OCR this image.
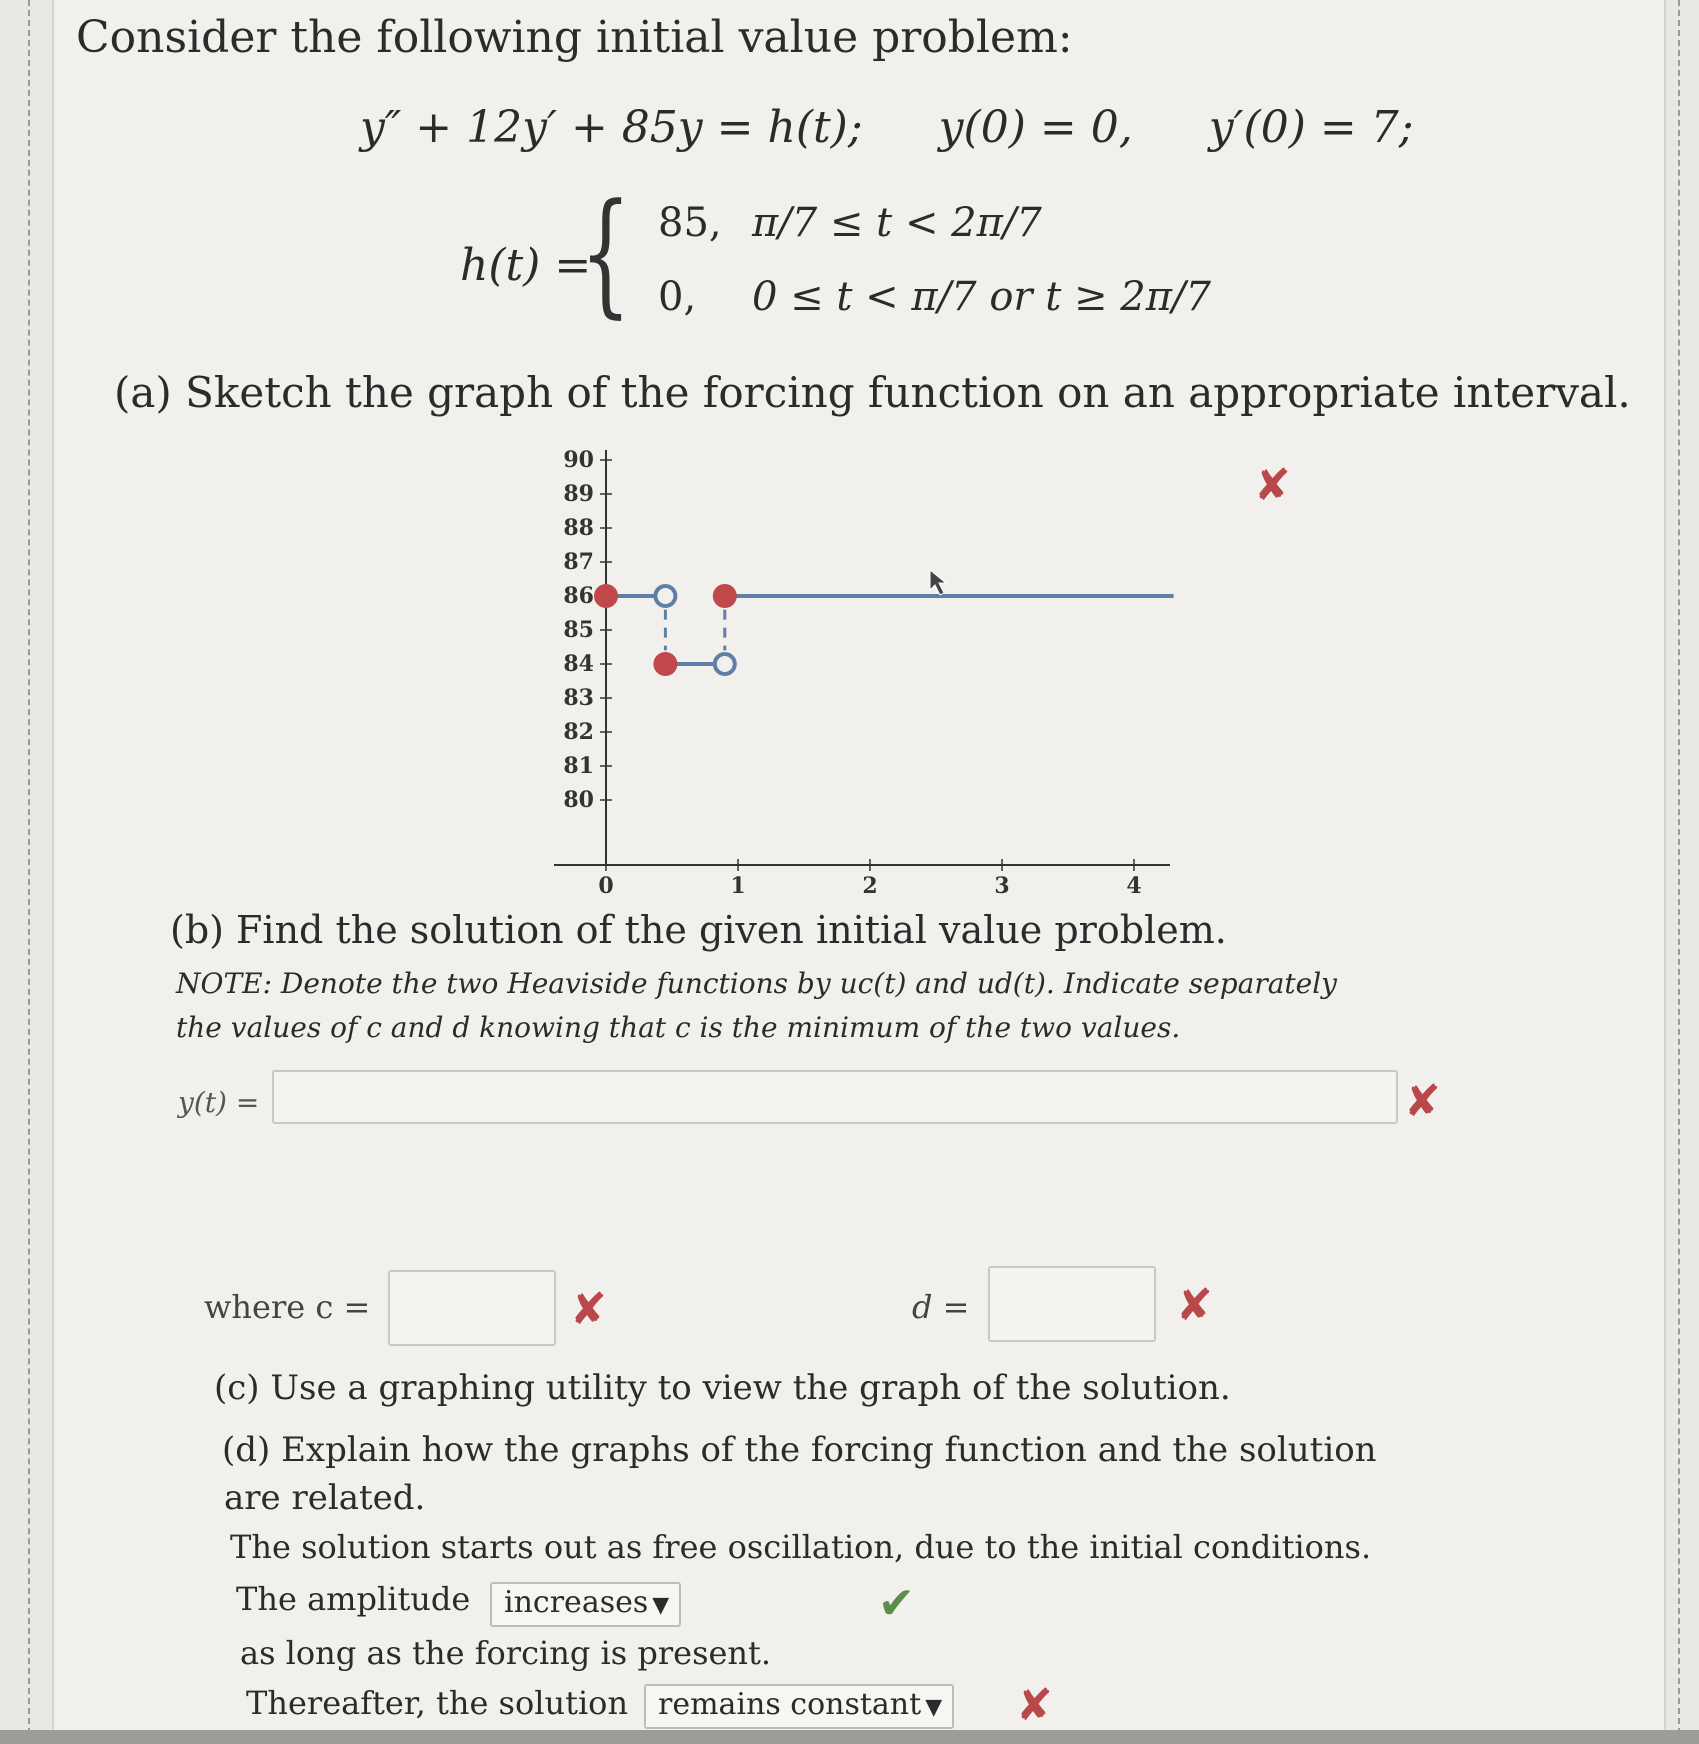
Consider the following initial value problem:
y″ + 12y′ + 85y = h(t); y(0) = 0, y′(0) = 7;
h(t) =
{ 85, π/7 ≤ t < 2π/7
0, 0 ≤ t < π/7 or t ≥ 2π/7
(a) Sketch the graph of the forcing function on an appropriate interval.
✘
90
89
88
87
86
85
84
83
82
81
80
0	1	2	3	4
(b) Find the solution of the given initial value problem.
NOTE: Denote the two Heaviside functions by uc(t) and ud(t). Indicate separately the values of c and d knowing that c is the minimum of the two values.
y(t) =	✘
where c =	✘	d =	✘
(c) Use a graphing utility to view the graph of the solution.
(d) Explain how the graphs of the forcing function and the solution
are related.
The solution starts out as free oscillation, due to the initial conditions.
The amplitude	increases ▼	✔
as long as the forcing is present.
Thereafter, the solution remains constant ▼ ✘
